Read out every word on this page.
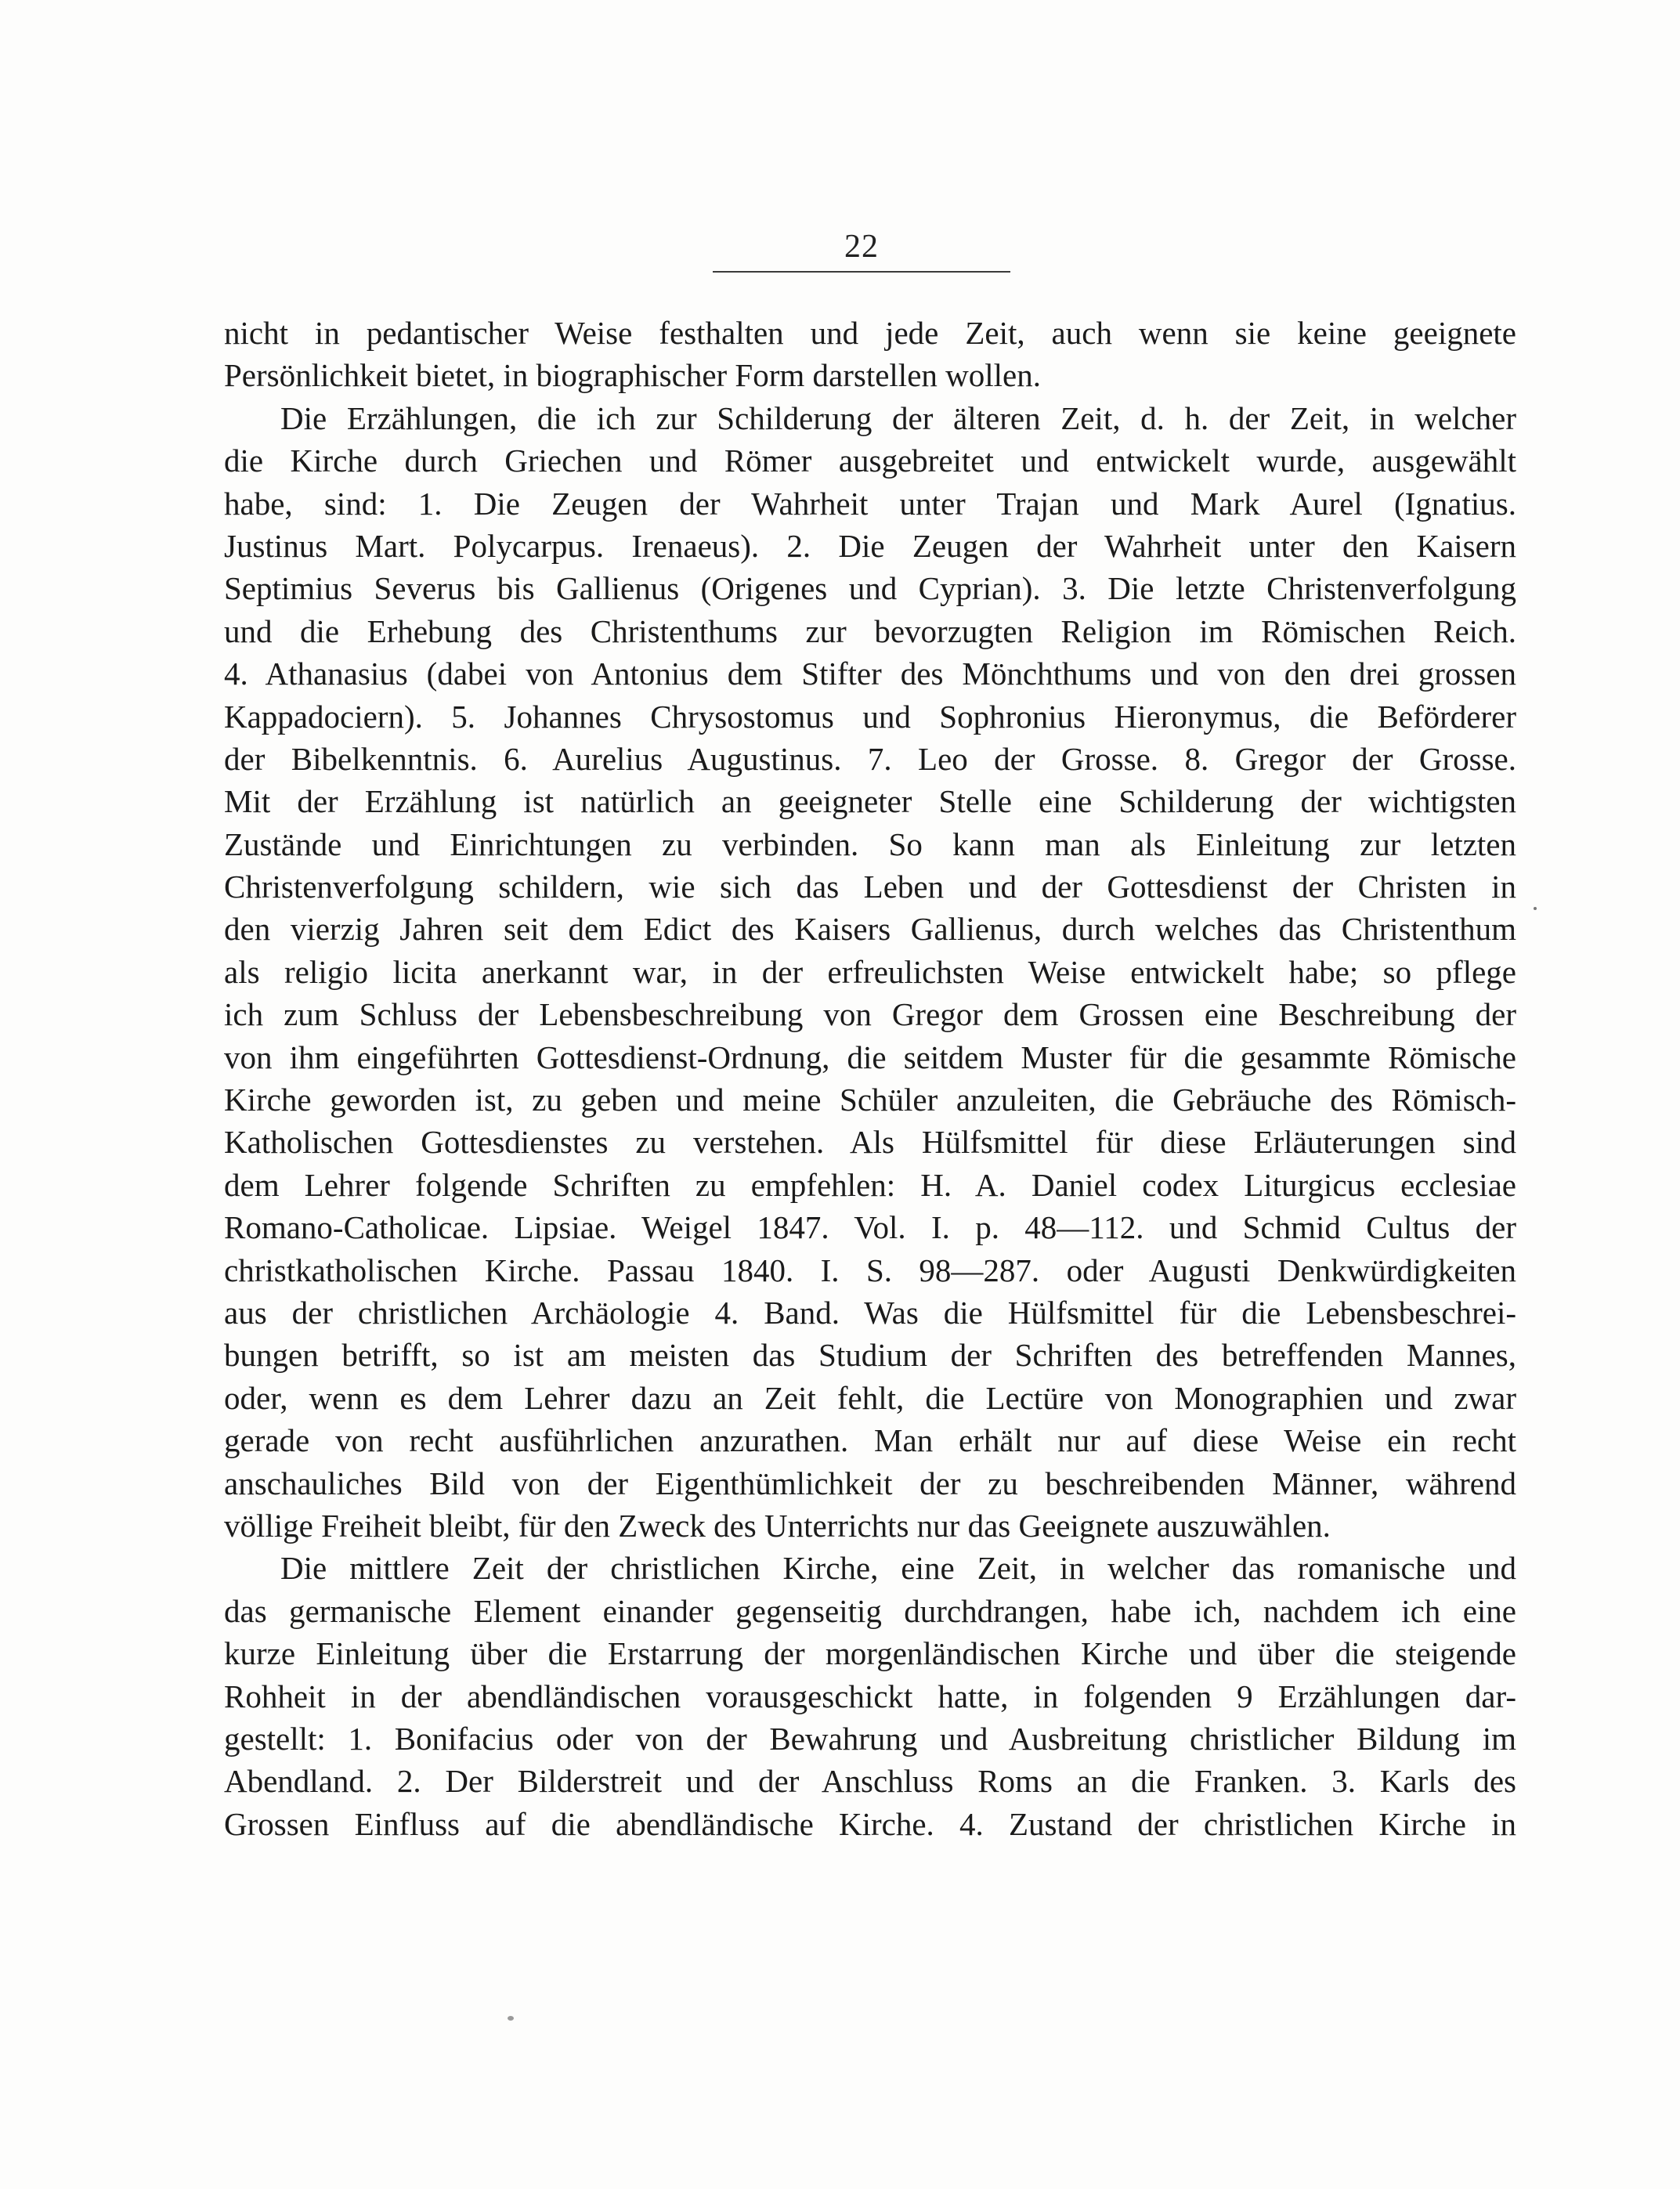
22
nicht in pedantischer Weise festhalten und jede Zeit, auch wenn sie keine geeignete
Persönlichkeit bietet, in biographischer Form darstellen wollen.
Die Erzählungen, die ich zur Schilderung der älteren Zeit, d. h. der Zeit, in welcher
die Kirche durch Griechen und Römer ausgebreitet und entwickelt wurde, ausgewählt
habe, sind: 1. Die Zeugen der Wahrheit unter Trajan und Mark Aurel (Ignatius.
Justinus Mart. Polycarpus. Irenaeus). 2. Die Zeugen der Wahrheit unter den Kaisern
Septimius Severus bis Gallienus (Origenes und Cyprian). 3. Die letzte Christenverfolgung
und die Erhebung des Christenthums zur bevorzugten Religion im Römischen Reich.
4. Athanasius (dabei von Antonius dem Stifter des Mönchthums und von den drei grossen
Kappadociern). 5. Johannes Chrysostomus und Sophronius Hieronymus, die Beförderer
der Bibelkenntnis. 6. Aurelius Augustinus. 7. Leo der Grosse. 8. Gregor der Grosse.
Mit der Erzählung ist natürlich an geeigneter Stelle eine Schilderung der wichtigsten
Zustände und Einrichtungen zu verbinden. So kann man als Einleitung zur letzten
Christenverfolgung schildern, wie sich das Leben und der Gottesdienst der Christen in
den vierzig Jahren seit dem Edict des Kaisers Gallienus, durch welches das Christenthum
als religio licita anerkannt war, in der erfreulichsten Weise entwickelt habe; so pflege
ich zum Schluss der Lebensbeschreibung von Gregor dem Grossen eine Beschreibung der
von ihm eingeführten Gottesdienst-Ordnung, die seitdem Muster für die gesammte Römische
Kirche geworden ist, zu geben und meine Schüler anzuleiten, die Gebräuche des Römisch-
Katholischen Gottesdienstes zu verstehen. Als Hülfsmittel für diese Erläuterungen sind
dem Lehrer folgende Schriften zu empfehlen: H. A. Daniel codex Liturgicus ecclesiae
Romano-Catholicae. Lipsiae. Weigel 1847. Vol. I. p. 48—112. und Schmid Cultus der
christkatholischen Kirche. Passau 1840. I. S. 98—287. oder Augusti Denkwürdigkeiten
aus der christlichen Archäologie 4. Band. Was die Hülfsmittel für die Lebensbeschrei-
bungen betrifft, so ist am meisten das Studium der Schriften des betreffenden Mannes,
oder, wenn es dem Lehrer dazu an Zeit fehlt, die Lectüre von Monographien und zwar
gerade von recht ausführlichen anzurathen. Man erhält nur auf diese Weise ein recht
anschauliches Bild von der Eigenthümlichkeit der zu beschreibenden Männer, während
völlige Freiheit bleibt, für den Zweck des Unterrichts nur das Geeignete auszuwählen.
Die mittlere Zeit der christlichen Kirche, eine Zeit, in welcher das romanische und
das germanische Element einander gegenseitig durchdrangen, habe ich, nachdem ich eine
kurze Einleitung über die Erstarrung der morgenländischen Kirche und über die steigende
Rohheit in der abendländischen vorausgeschickt hatte, in folgenden 9 Erzählungen dar-
gestellt: 1. Bonifacius oder von der Bewahrung und Ausbreitung christlicher Bildung im
Abendland. 2. Der Bilderstreit und der Anschluss Roms an die Franken. 3. Karls des
Grossen Einfluss auf die abendländische Kirche. 4. Zustand der christlichen Kirche in
